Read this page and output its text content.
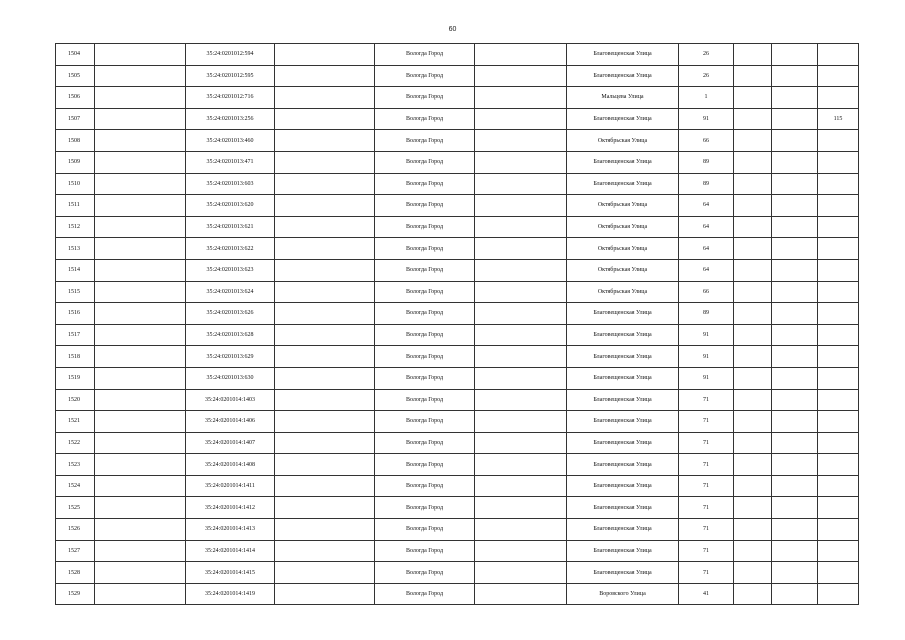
60
1504		35:24:0201012:594		Вологда Город		Благовещенская Улица	26			
1505		35:24:0201012:595		Вологда Город		Благовещенская Улица	26			
1506		35:24:0201012:716		Вологда Город		Мальцева Улица	1			
1507		35:24:0201013:256		Вологда Город		Благовещенская Улица	91			115
1508		35:24:0201013:460		Вологда Город		Октябрьская Улица	66			
1509		35:24:0201013:471		Вологда Город		Благовещенская Улица	89			
1510		35:24:0201013:603		Вологда Город		Благовещенская Улица	89			
1511		35:24:0201013:620		Вологда Город		Октябрьская Улица	64			
1512		35:24:0201013:621		Вологда Город		Октябрьская Улица	64			
1513		35:24:0201013:622		Вологда Город		Октябрьская Улица	64			
1514		35:24:0201013:623		Вологда Город		Октябрьская Улица	64			
1515		35:24:0201013:624		Вологда Город		Октябрьская Улица	66			
1516		35:24:0201013:626		Вологда Город		Благовещенская Улица	89			
1517		35:24:0201013:628		Вологда Город		Благовещенская Улица	91			
1518		35:24:0201013:629		Вологда Город		Благовещенская Улица	91			
1519		35:24:0201013:630		Вологда Город		Благовещенская Улица	91			
1520		35:24:0201014:1403		Вологда Город		Благовещенская Улица	71			
1521		35:24:0201014:1406		Вологда Город		Благовещенская Улица	71			
1522		35:24:0201014:1407		Вологда Город		Благовещенская Улица	71			
1523		35:24:0201014:1408		Вологда Город		Благовещенская Улица	71			
1524		35:24:0201014:1411		Вологда Город		Благовещенская Улица	71			
1525		35:24:0201014:1412		Вологда Город		Благовещенская Улица	71			
1526		35:24:0201014:1413		Вологда Город		Благовещенская Улица	71			
1527		35:24:0201014:1414		Вологда Город		Благовещенская Улица	71			
1528		35:24:0201014:1415		Вологда Город		Благовещенская Улица	71			
1529		35:24:0201014:1419		Вологда Город		Воровского Улица	41			
